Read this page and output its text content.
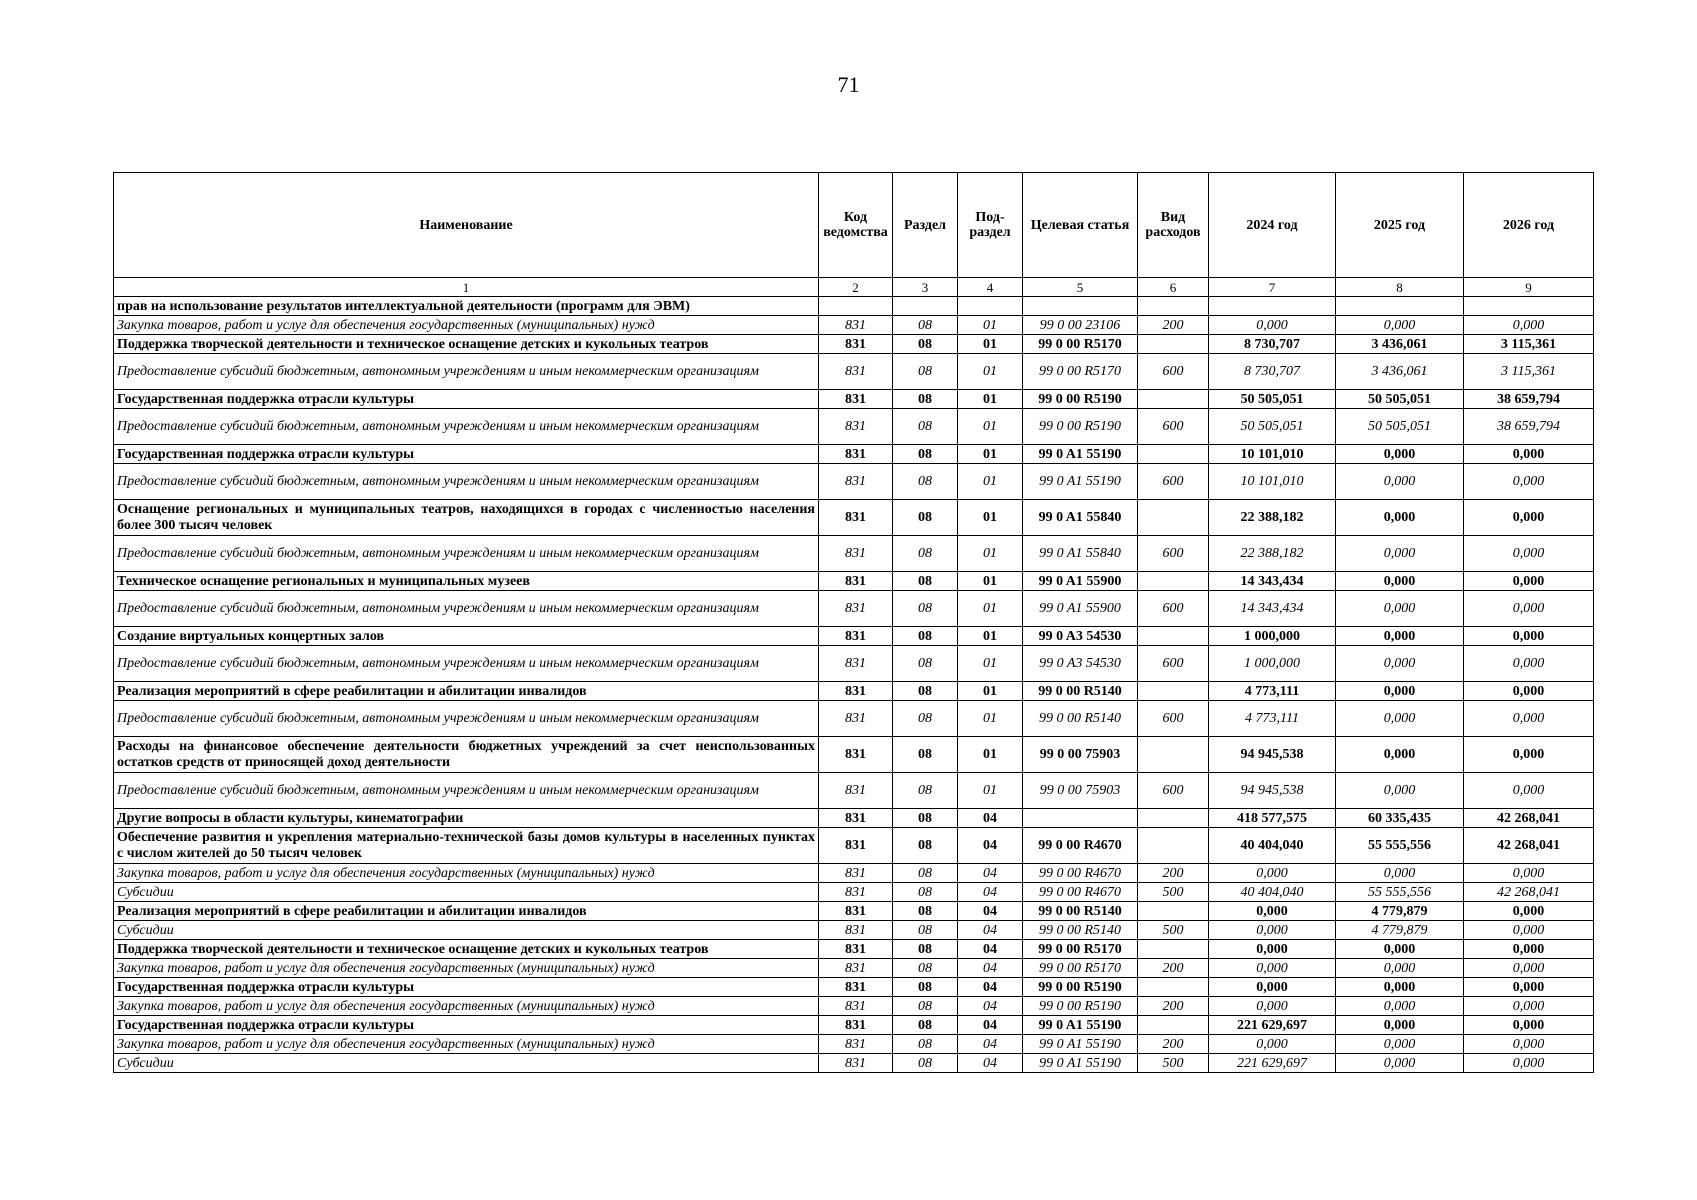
71
Наименование	Код ведомства	Раздел	Под-раздел	Целевая статья	Вид расходов	2024 год	2025 год	2026 год
1	2	3	4	5	6	7	8	9
прав на использование результатов интеллектуальной деятельности (программ для ЭВМ)								
Закупка товаров, работ и услуг для обеспечения государственных (муниципальных) нужд	831	08	01	99 0 00 23106	200	0,000	0,000	0,000
Поддержка творческой деятельности и техническое оснащение детских и кукольных театров	831	08	01	99 0 00 R5170		8 730,707	3 436,061	3 115,361
Предоставление субсидий бюджетным, автономным учреждениям и иным некоммерческим организациям	831	08	01	99 0 00 R5170	600	8 730,707	3 436,061	3 115,361
Государственная поддержка отрасли культуры	831	08	01	99 0 00 R5190		50 505,051	50 505,051	38 659,794
Предоставление субсидий бюджетным, автономным учреждениям и иным некоммерческим организациям	831	08	01	99 0 00 R5190	600	50 505,051	50 505,051	38 659,794
Государственная поддержка отрасли культуры	831	08	01	99 0 A1 55190		10 101,010	0,000	0,000
Предоставление субсидий бюджетным, автономным учреждениям и иным некоммерческим организациям	831	08	01	99 0 A1 55190	600	10 101,010	0,000	0,000
Оснащение региональных и муниципальных театров, находящихся в городах с численностью населения более 300 тысяч человек	831	08	01	99 0 A1 55840		22 388,182	0,000	0,000
Предоставление субсидий бюджетным, автономным учреждениям и иным некоммерческим организациям	831	08	01	99 0 A1 55840	600	22 388,182	0,000	0,000
Техническое оснащение региональных и муниципальных музеев	831	08	01	99 0 A1 55900		14 343,434	0,000	0,000
Предоставление субсидий бюджетным, автономным учреждениям и иным некоммерческим организациям	831	08	01	99 0 A1 55900	600	14 343,434	0,000	0,000
Создание виртуальных концертных залов	831	08	01	99 0 A3 54530		1 000,000	0,000	0,000
Предоставление субсидий бюджетным, автономным учреждениям и иным некоммерческим организациям	831	08	01	99 0 A3 54530	600	1 000,000	0,000	0,000
Реализация мероприятий в сфере реабилитации и абилитации инвалидов	831	08	01	99 0 00 R5140		4 773,111	0,000	0,000
Предоставление субсидий бюджетным, автономным учреждениям и иным некоммерческим организациям	831	08	01	99 0 00 R5140	600	4 773,111	0,000	0,000
Расходы на финансовое обеспечение деятельности бюджетных учреждений за счет неиспользованных остатков средств от приносящей доход деятельности	831	08	01	99 0 00 75903		94 945,538	0,000	0,000
Предоставление субсидий бюджетным, автономным учреждениям и иным некоммерческим организациям	831	08	01	99 0 00 75903	600	94 945,538	0,000	0,000
Другие вопросы в области культуры, кинематографии	831	08	04			418 577,575	60 335,435	42 268,041
Обеспечение развития и укрепления материально-технической базы домов культуры в населенных пунктах с числом жителей до 50 тысяч человек	831	08	04	99 0 00 R4670		40 404,040	55 555,556	42 268,041
Закупка товаров, работ и услуг для обеспечения государственных (муниципальных) нужд	831	08	04	99 0 00 R4670	200	0,000	0,000	0,000
Субсидии	831	08	04	99 0 00 R4670	500	40 404,040	55 555,556	42 268,041
Реализация мероприятий в сфере реабилитации и абилитации инвалидов	831	08	04	99 0 00 R5140		0,000	4 779,879	0,000
Субсидии	831	08	04	99 0 00 R5140	500	0,000	4 779,879	0,000
Поддержка творческой деятельности и техническое оснащение детских и кукольных театров	831	08	04	99 0 00 R5170		0,000	0,000	0,000
Закупка товаров, работ и услуг для обеспечения государственных (муниципальных) нужд	831	08	04	99 0 00 R5170	200	0,000	0,000	0,000
Государственная поддержка отрасли культуры	831	08	04	99 0 00 R5190		0,000	0,000	0,000
Закупка товаров, работ и услуг для обеспечения государственных (муниципальных) нужд	831	08	04	99 0 00 R5190	200	0,000	0,000	0,000
Государственная поддержка отрасли культуры	831	08	04	99 0 A1 55190		221 629,697	0,000	0,000
Закупка товаров, работ и услуг для обеспечения государственных (муниципальных) нужд	831	08	04	99 0 A1 55190	200	0,000	0,000	0,000
Субсидии	831	08	04	99 0 A1 55190	500	221 629,697	0,000	0,000
